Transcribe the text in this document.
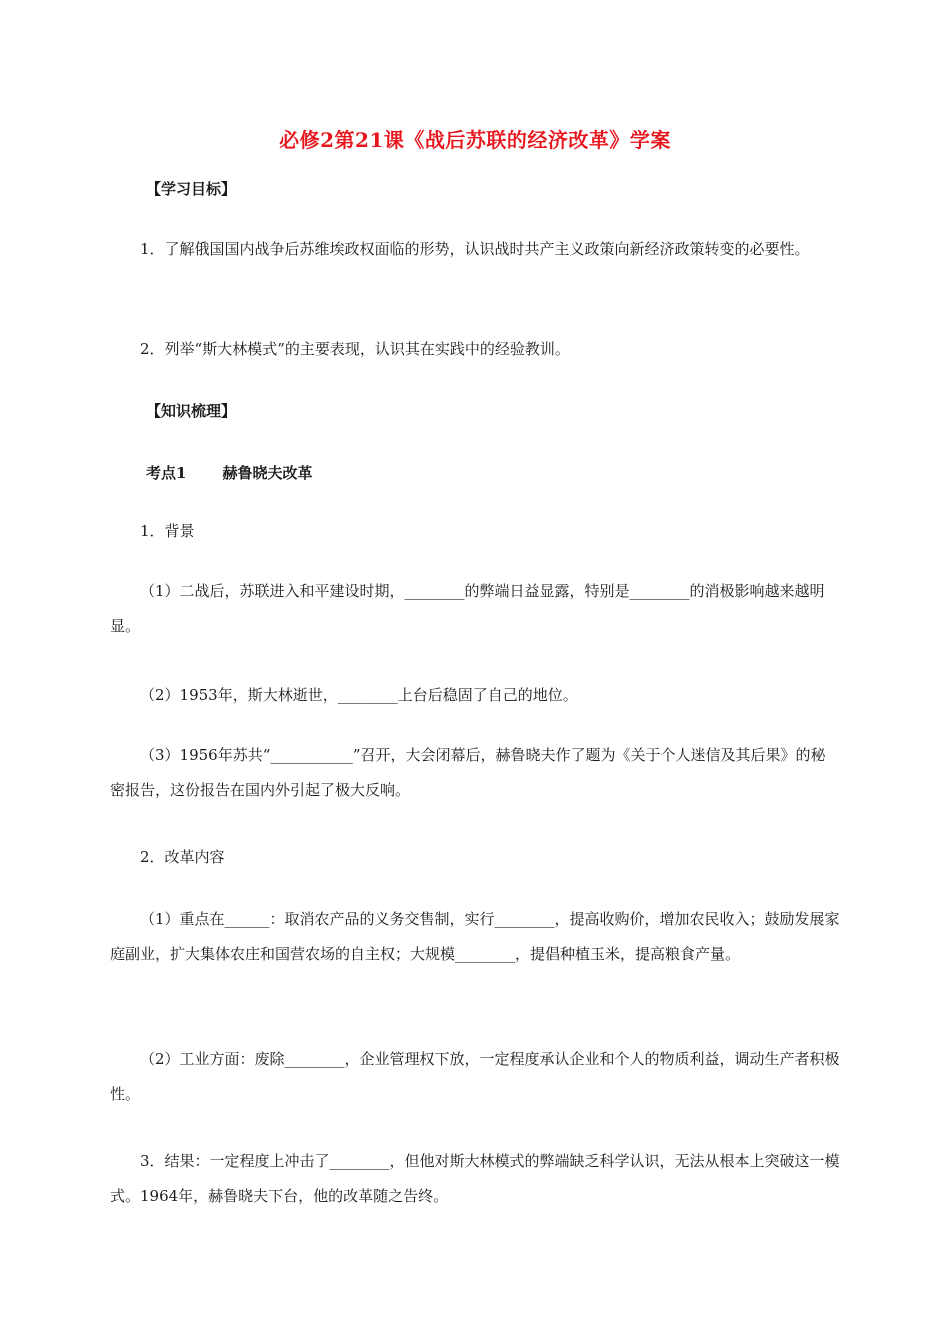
必修2第21课《战后苏联的经济改革》学案
【学习目标】

1．了解俄国国内战争后苏维埃政权面临的形势，认识战时共产主义政策向新经济政策转变的必要性。

2．列举“斯大林模式”的主要表现，认识其在实践中的经验教训。

【知识梳理】
考点1 赫鲁晓夫改革

1．背景

（1）二战后，苏联进入和平建设时期，________的弊端日益显露，特别是________的消极影响越来越明显。

（2）1953年，斯大林逝世，________上台后稳固了自己的地位。

（3）1956年苏共“___________”召开，大会闭幕后，赫鲁晓夫作了题为《关于个人迷信及其后果》的秘密报告，这份报告在国内外引起了极大反响。

2．改革内容

（1）重点在______：取消农产品的义务交售制，实行________，提高收购价，增加农民收入；鼓励发展家庭副业，扩大集体农庄和国营农场的自主权；大规模________，提倡种植玉米，提高粮食产量。

（2）工业方面：废除________，企业管理权下放，一定程度承认企业和个人的物质利益，调动生产者积极性。

3．结果：一定程度上冲击了________，但他对斯大林模式的弊端缺乏科学认识，无法从根本上突破这一模式。1964年，赫鲁晓夫下台，他的改革随之告终。
